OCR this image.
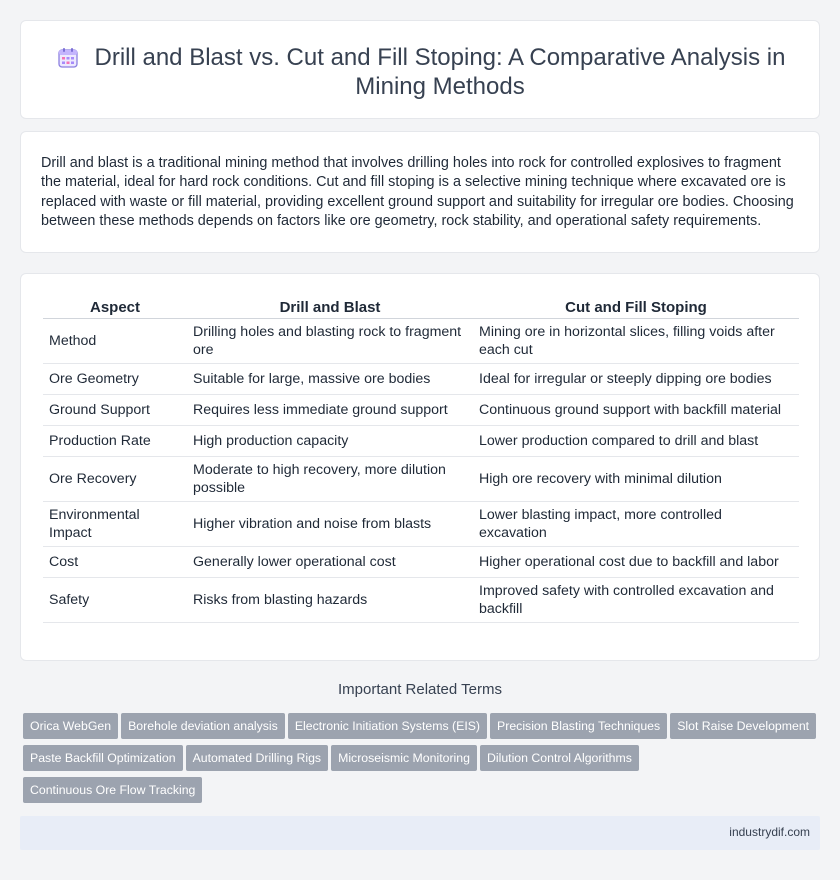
Drill and Blast vs. Cut and Fill Stoping: A Comparative Analysis in Mining Methods

Drill and blast is a traditional mining method that involves drilling holes into rock for controlled explosives to fragment the material, ideal for hard rock conditions. Cut and fill stoping is a selective mining technique where excavated ore is replaced with waste or fill material, providing excellent ground support and suitability for irregular ore bodies. Choosing between these methods depends on factors like ore geometry, rock stability, and operational safety requirements.

Aspect	Drill and Blast	Cut and Fill Stoping
Method	Drilling holes and blasting rock to fragment ore	Mining ore in horizontal slices, filling voids after each cut
Ore Geometry	Suitable for large, massive ore bodies	Ideal for irregular or steeply dipping ore bodies
Ground Support	Requires less immediate ground support	Continuous ground support with backfill material
Production Rate	High production capacity	Lower production compared to drill and blast
Ore Recovery	Moderate to high recovery, more dilution possible	High ore recovery with minimal dilution
Environmental Impact	Higher vibration and noise from blasts	Lower blasting impact, more controlled excavation
Cost	Generally lower operational cost	Higher operational cost due to backfill and labor
Safety	Risks from blasting hazards	Improved safety with controlled excavation and backfill
Important Related Terms
Orica WebGen Borehole deviation analysis Electronic Initiation Systems (EIS) Precision Blasting Techniques Slot Raise Development
Paste Backfill Optimization Automated Drilling Rigs Microseismic Monitoring Dilution Control Algorithms
Continuous Ore Flow Tracking
industrydif.com
